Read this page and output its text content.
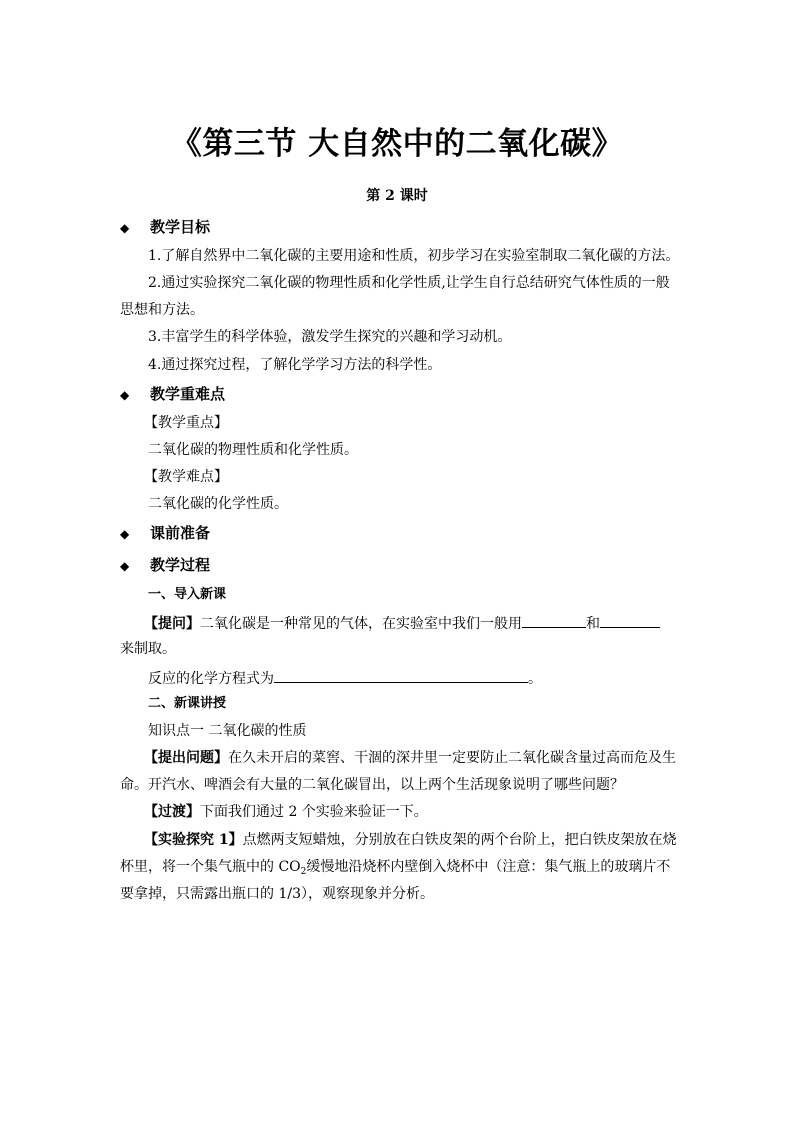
《第三节 大自然中的二氧化碳》
第 2 课时
◆ 教学目标
1.了解自然界中二氧化碳的主要用途和性质，初步学习在实验室制取二氧化碳的方法。
2.通过实验探究二氧化碳的物理性质和化学性质,让学生自行总结研究气体性质的一般
思想和方法。
3.丰富学生的科学体验，激发学生探究的兴趣和学习动机。
4.通过探究过程，了解化学学习方法的科学性。
◆ 教学重难点
【教学重点】
二氧化碳的物理性质和化学性质。
【教学难点】
二氧化碳的化学性质。
◆ 课前准备
◆ 教学过程
一、导入新课
【提问】二氧化碳是一种常见的气体，在实验室中我们一般用	和
来制取。
反应的化学方程式为	。
二、新课讲授
知识点一 二氧化碳的性质
【提出问题】在久未开启的菜窖、干涸的深井里一定要防止二氧化碳含量过高而危及生
命。开汽水、啤酒会有大量的二氧化碳冒出，以上两个生活现象说明了哪些问题？
【过渡】下面我们通过 2 个实验来验证一下。
【实验探究 1】点燃两支短蜡烛，分别放在白铁皮架的两个台阶上，把白铁皮架放在烧
杯里，将一个集气瓶中的 $CO_2$缓慢地沿烧杯内壁倒入烧杯中（注意：集气瓶上的玻璃片不
要拿掉，只需露出瓶口的 1/3），观察现象并分析。
